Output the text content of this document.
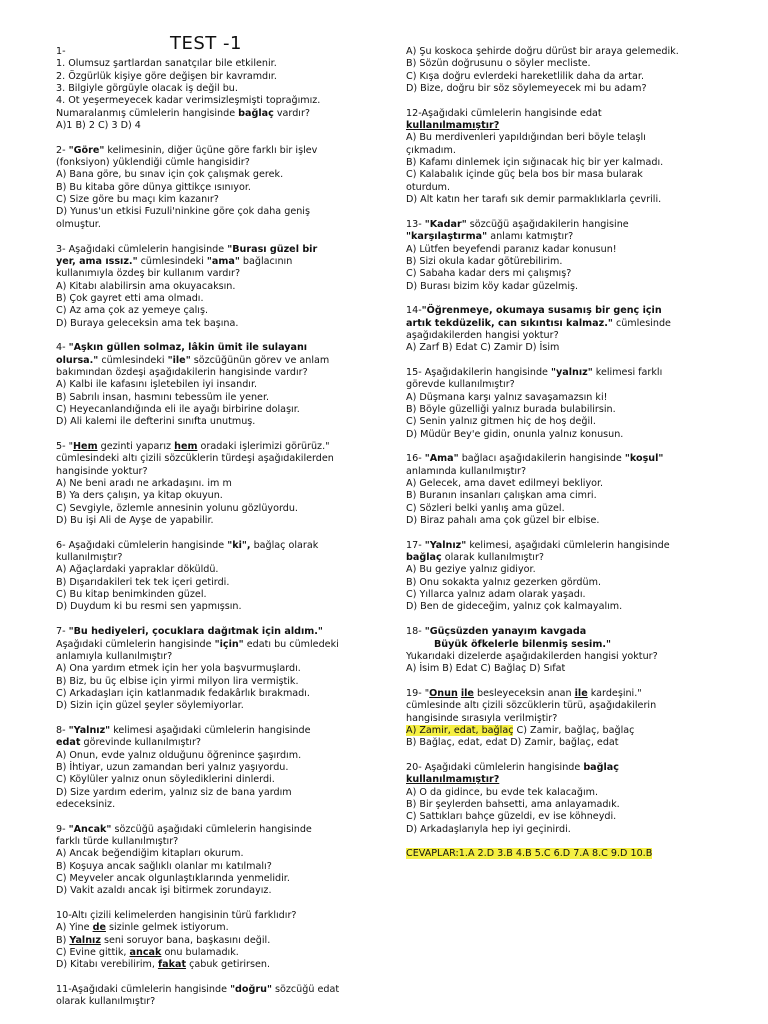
TEST -1

1-

1. Olumsuz şartlardan sanatçılar bile etkilenir.

2. Özgürlük kişiye göre değişen bir kavramdır.

3. Bilgiyle görgüyle olacak iş değil bu.

4. Ot yeşermeyecek kadar verimsizleşmişti toprağımız.

Numaralanmış cümlelerin hangisinde bağlaç vardır?

A)1 B) 2 C) 3 D) 4

2- "Göre" kelimesinin, diğer üçüne göre farklı bir işlev

(fonksiyon) yüklendiği cümle hangisidir?

A) Bana göre, bu sınav için çok çalışmak gerek.

B) Bu kitaba göre dünya gittikçe ısınıyor.

C) Size göre bu maçı kim kazanır?

D) Yunus'un etkisi Fuzuli'ninkine göre çok daha geniş

olmuştur.

3- Aşağıdaki cümlelerin hangisinde "Burası güzel bir

yer, ama ıssız." cümlesindeki "ama" bağlacının

kullanımıyla özdeş bir kullanım vardır?

A) Kitabı alabilirsin ama okuyacaksın.

B) Çok gayret etti ama olmadı.

C) Az ama çok az yemeye çalış.

D) Buraya geleceksin ama tek başına.

4- "Aşkın güllen solmaz, lâkin ümit ile sulayanı

olursa." cümlesindeki "ile" sözcüğünün görev ve anlam

bakımından özdeşi aşağıdakilerin hangisinde vardır?

A) Kalbi ile kafasını işletebilen iyi insandır.

B) Sabrılı insan, hasmını tebessüm ile yener.

C) Heyecanlandığında eli ile ayağı birbirine dolaşır.

D) Ali kalemi ile defterini sınıfta unutmuş.

5- "Hem gezinti yaparız hem oradaki işlerimizi görürüz."

cümlesindeki altı çizili sözcüklerin türdeşi aşağıdakilerden

hangisinde yoktur?

A) Ne beni aradı ne arkadaşını. im m

B) Ya ders çalışın, ya kitap okuyun.

C) Sevgiyle, özlemle annesinin yolunu gözlüyordu.

D) Bu işi Ali de Ayşe de yapabilir.

6- Aşağıdaki cümlelerin hangisinde "ki", bağlaç olarak

kullanılmıştır?

A) Ağaçlardaki yapraklar döküldü.

B) Dışarıdakileri tek tek içeri getirdi.

C) Bu kitap benimkinden güzel.

D) Duydum ki bu resmi sen yapmışsın.

7- "Bu hediyeleri, çocuklara dağıtmak için aldım."

Aşağıdaki cümlelerin hangisinde "için" edatı bu cümledeki

anlamıyla kullanılmıştır?

A) Ona yardım etmek için her yola başvurmuşlardı.

B) Biz, bu üç elbise için yirmi milyon lira vermiştik.

C) Arkadaşları için katlanmadık fedakârlık bırakmadı.

D) Sizin için güzel şeyler söylemiyorlar.

8- "Yalnız" kelimesi aşağıdaki cümlelerin hangisinde

edat görevinde kullanılmıştır?

A) Onun, evde yalnız olduğunu öğrenince şaşırdım.

B) İhtiyar, uzun zamandan beri yalnız yaşıyordu.

C) Köylüler yalnız onun söylediklerini dinlerdi.

D) Size yardım ederim, yalnız siz de bana yardım

edeceksiniz.

9- "Ancak" sözcüğü aşağıdaki cümlelerin hangisinde

farklı türde kullanılmıştır?

A) Ancak beğendiğim kitapları okurum.

B) Koşuya ancak sağlıklı olanlar mı katılmalı?

C) Meyveler ancak olgunlaştıklarında yenmelidir.

D) Vakit azaldı ancak işi bitirmek zorundayız.

10-Altı çizili kelimelerden hangisinin türü farklıdır?

A) Yine de sizinle gelmek istiyorum.

B) Yalnız seni soruyor bana, başkasını değil.

C) Evine gittik, ancak onu bulamadık.

D) Kitabı verebilirim, fakat çabuk getirirsen.

11-Aşağıdaki cümlelerin hangisinde "doğru" sözcüğü edat

olarak kullanılmıştır?

A) Şu koskoca şehirde doğru dürüst bir araya gelemedik.

B) Sözün doğrusunu o söyler mecliste.

C) Kışa doğru evlerdeki hareketlilik daha da artar.

D) Bize, doğru bir söz söylemeyecek mi bu adam?

12-Aşağıdaki cümlelerin hangisinde edat

kullanılmamıştır?

A) Bu merdivenleri yapıldığından beri böyle telaşlı

çıkmadım.

B) Kafamı dinlemek için sığınacak hiç bir yer kalmadı.

C) Kalabalık içinde güç bela bos bir masa bularak

oturdum.

D) Alt katın her tarafı sık demir parmaklıklarla çevrili.

13- "Kadar" sözcüğü aşağıdakilerin hangisine

"karşılaştırma" anlamı katmıştır?

A) Lütfen beyefendi paranız kadar konusun!

B) Sizi okula kadar götürebilirim.

C) Sabaha kadar ders mi çalışmış?

D) Burası bizim köy kadar güzelmiş.

14-"Öğrenmeye, okumaya susamış bir genç için

artık tekdüzelik, can sıkıntısı kalmaz." cümlesinde

aşağıdakilerden hangisi yoktur?

A) Zarf B) Edat C) Zamir D) İsim

15- Aşağıdakilerin hangisinde "yalnız" kelimesi farklı

görevde kullanılmıştır?

A) Düşmana karşı yalnız savaşamazsın ki!

B) Böyle güzelliği yalnız burada bulabilirsin.

C) Senin yalnız gitmen hiç de hoş değil.

D) Müdür Bey'e gidin, onunla yalnız konusun.

16- "Ama" bağlacı aşağıdakilerin hangisinde "koşul"

anlamında kullanılmıştır?

A) Gelecek, ama davet edilmeyi bekliyor.

B) Buranın insanları çalışkan ama cimri.

C) Sözleri belki yanlış ama güzel.

D) Biraz pahalı ama çok güzel bir elbise.

17- "Yalnız" kelimesi, aşağıdaki cümlelerin hangisinde

bağlaç olarak kullanılmıştır?

A) Bu geziye yalnız gidiyor.

B) Onu sokakta yalnız gezerken gördüm.

C) Yıllarca yalnız adam olarak yaşadı.

D) Ben de gideceğim, yalnız çok kalmayalım.

18- "Güçsüzden yanayım kavgada

Büyük öfkelerle bilenmiş sesim."

Yukarıdaki dizelerde aşağıdakilerden hangisi yoktur?

A) İsim B) Edat C) Bağlaç D) Sıfat

19- "Onun ile besleyeceksin anan ile kardeşini."

cümlesinde altı çizili sözcüklerin türü, aşağıdakilerin

hangisinde sırasıyla verilmiştir?

A) Zamir, edat, bağlaç C) Zamir, bağlaç, bağlaç

B) Bağlaç, edat, edat D) Zamir, bağlaç, edat

20- Aşağıdaki cümlelerin hangisinde bağlaç

kullanılmamıştır?

A) O da gidince, bu evde tek kalacağım.

B) Bir şeylerden bahsetti, ama anlayamadık.

C) Sattıkları bahçe güzeldi, ev ise köhneydi.

D) Arkadaşlarıyla hep iyi geçinirdi.

CEVAPLAR:1.A 2.D 3.B 4.B 5.C 6.D 7.A 8.C 9.D 10.B
